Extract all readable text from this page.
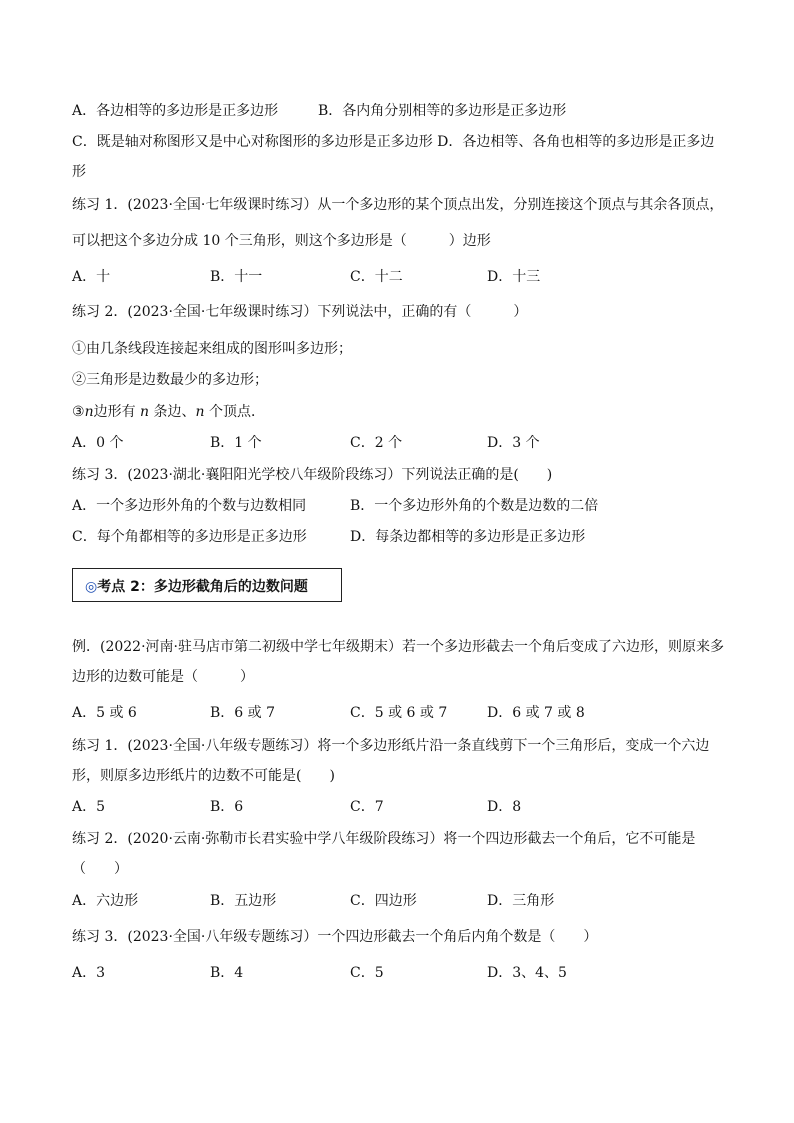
A．各边相等的多边形是正多边形	B．各内角分别相等的多边形是正多边形
C．既是轴对称图形又是中心对称图形的多边形是正多边形 D．各边相等、各角也相等的多边形是正多边
形
练习 1．(2023·全国·七年级课时练习）从一个多边形的某个顶点出发，分别连接这个顶点与其余各顶点，
可以把这个多边分成 10 个三角形，则这个多边形是（　　　）边形
A．十	B．十一	C．十二	D．十三
练习 2．(2023·全国·七年级课时练习）下列说法中，正确的有（　　　）
①由几条线段连接起来组成的图形叫多边形；
②三角形是边数最少的多边形；
③n边形有 n 条边、n 个顶点．
A．0 个	B．1 个	C．2 个	D．3 个
练习 3．(2023·湖北·襄阳阳光学校八年级阶段练习）下列说法正确的是(　　)
A．一个多边形外角的个数与边数相同	B．一个多边形外角的个数是边数的二倍
C．每个角都相等的多边形是正多边形	D．每条边都相等的多边形是正多边形
◎考点 2：多边形截角后的边数问题
例．(2022·河南·驻马店市第二初级中学七年级期末）若一个多边形截去一个角后变成了六边形，则原来多
边形的边数可能是（　　　）
A．5 或 6	B．6 或 7	C．5 或 6 或 7	D．6 或 7 或 8
练习 1．(2023·全国·八年级专题练习）将一个多边形纸片沿一条直线剪下一个三角形后，变成一个六边
形，则原多边形纸片的边数不可能是(　　)
A．5	B．6	C．7	D．8
练习 2．(2020·云南·弥勒市长君实验中学八年级阶段练习）将一个四边形截去一个角后，它不可能是
（　　）
A．六边形	B．五边形	C．四边形	D．三角形
练习 3．(2023·全国·八年级专题练习）一个四边形截去一个角后内角个数是（　　）
A．3	B．4	C．5	D．3、4、5
